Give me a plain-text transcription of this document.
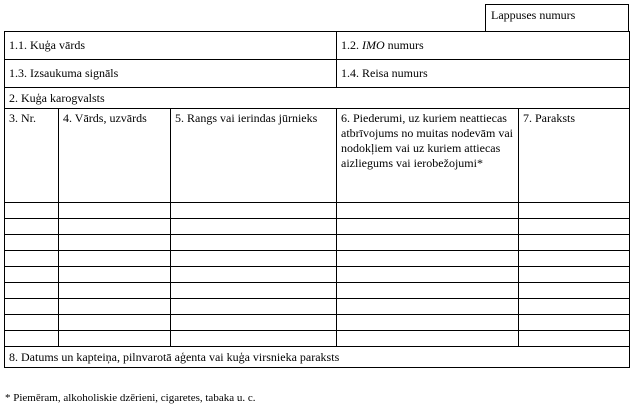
Lappuses numurs
1.1. Kuģa vārds			1.2. IMO numurs	
1.3. Izsaukuma signāls			1.4. Reisa numurs	
2. Kuģa karogvalsts				
3. Nr.	4. Vārds, uzvārds	5. Rangs vai ierindas jūrnieks	6. Piederumi, uz kuriem neattiecas atbrīvojums no muitas nodevām vai nodokļiem vai uz kuriem attiecas aizliegums vai ierobežojumi*	7. Paraksts

8. Datums un kapteiņa, pilnvarotā aģenta vai kuģa virsnieka paraksts				
* Piemēram, alkoholiskie dzērieni, cigaretes, tabaka u. c.
